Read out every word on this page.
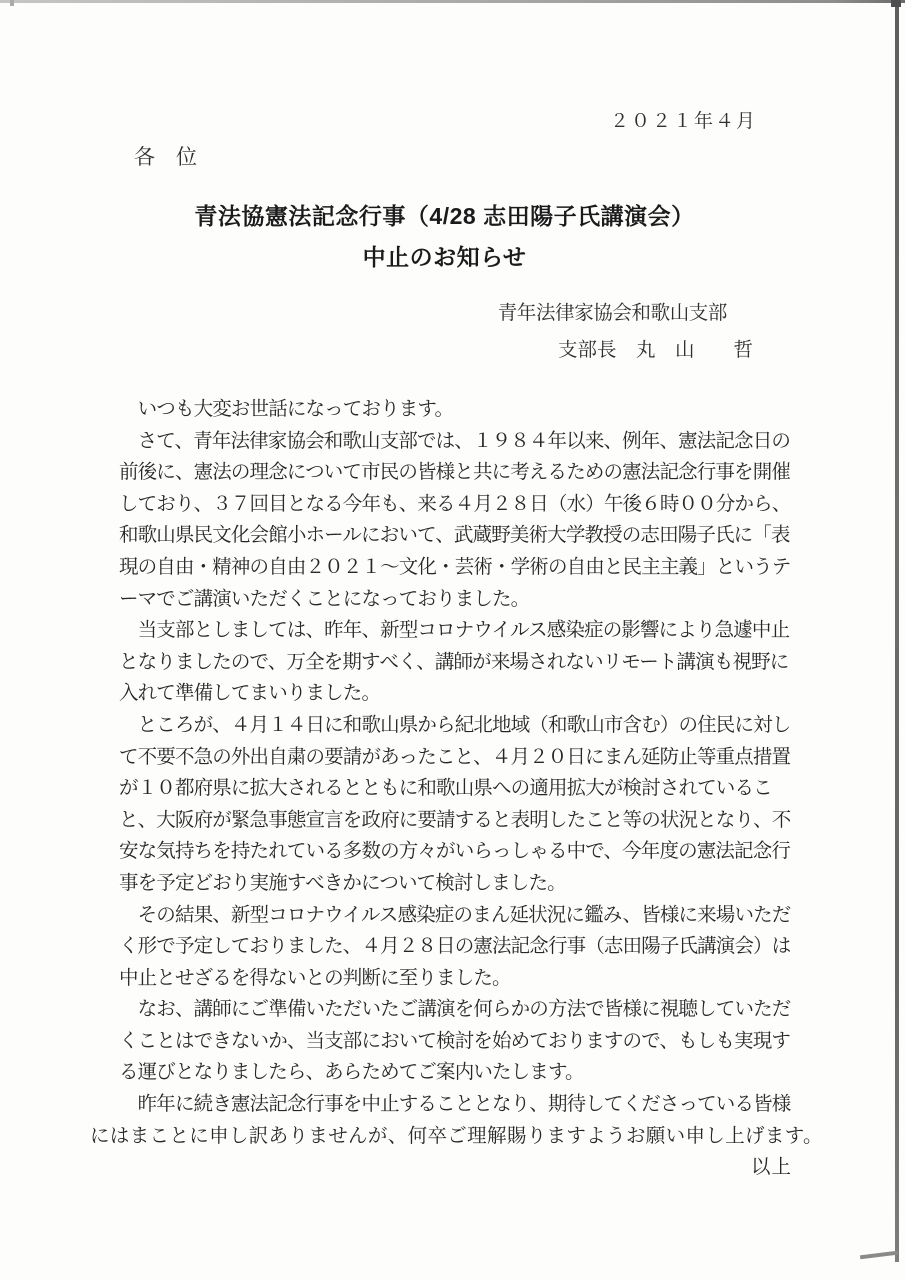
２０２１年４月
各　位
青法協憲法記念行事（4/28 志田陽子氏講演会）
中止のお知らせ
青年法律家協会和歌山支部
支部長　丸　山　　哲

　いつも大変お世話になっております。

　さて、青年法律家協会和歌山支部では、１９８４年以来、例年、憲法記念日の
前後に、憲法の理念について市民の皆様と共に考えるための憲法記念行事を開催
しており、３７回目となる今年も、来る４月２８日（水）午後６時００分から、
和歌山県民文化会館小ホールにおいて、武蔵野美術大学教授の志田陽子氏に「表
現の自由・精神の自由２０２１～文化・芸術・学術の自由と民主主義」というテ
ーマでご講演いただくことになっておりました。

　当支部としましては、昨年、新型コロナウイルス感染症の影響により急遽中止
となりましたので、万全を期すべく、講師が来場されないリモート講演も視野に
入れて準備してまいりました。

　ところが、４月１４日に和歌山県から紀北地域（和歌山市含む）の住民に対し
て不要不急の外出自粛の要請があったこと、４月２０日にまん延防止等重点措置
が１０都府県に拡大されるとともに和歌山県への適用拡大が検討されているこ
と、大阪府が緊急事態宣言を政府に要請すると表明したこと等の状況となり、不
安な気持ちを持たれている多数の方々がいらっしゃる中で、今年度の憲法記念行
事を予定どおり実施すべきかについて検討しました。

　その結果、新型コロナウイルス感染症のまん延状況に鑑み、皆様に来場いただ
く形で予定しておりました、４月２８日の憲法記念行事（志田陽子氏講演会）は
中止とせざるを得ないとの判断に至りました。

　なお、講師にご準備いただいたご講演を何らかの方法で皆様に視聴していただ
くことはできないか、当支部において検討を始めておりますので、もしも実現す
る運びとなりましたら、あらためてご案内いたします。

　昨年に続き憲法記念行事を中止することとなり、期待してくださっている皆様
にはまことに申し訳ありませんが、何卒ご理解賜りますようお願い申し上げます。

以上
